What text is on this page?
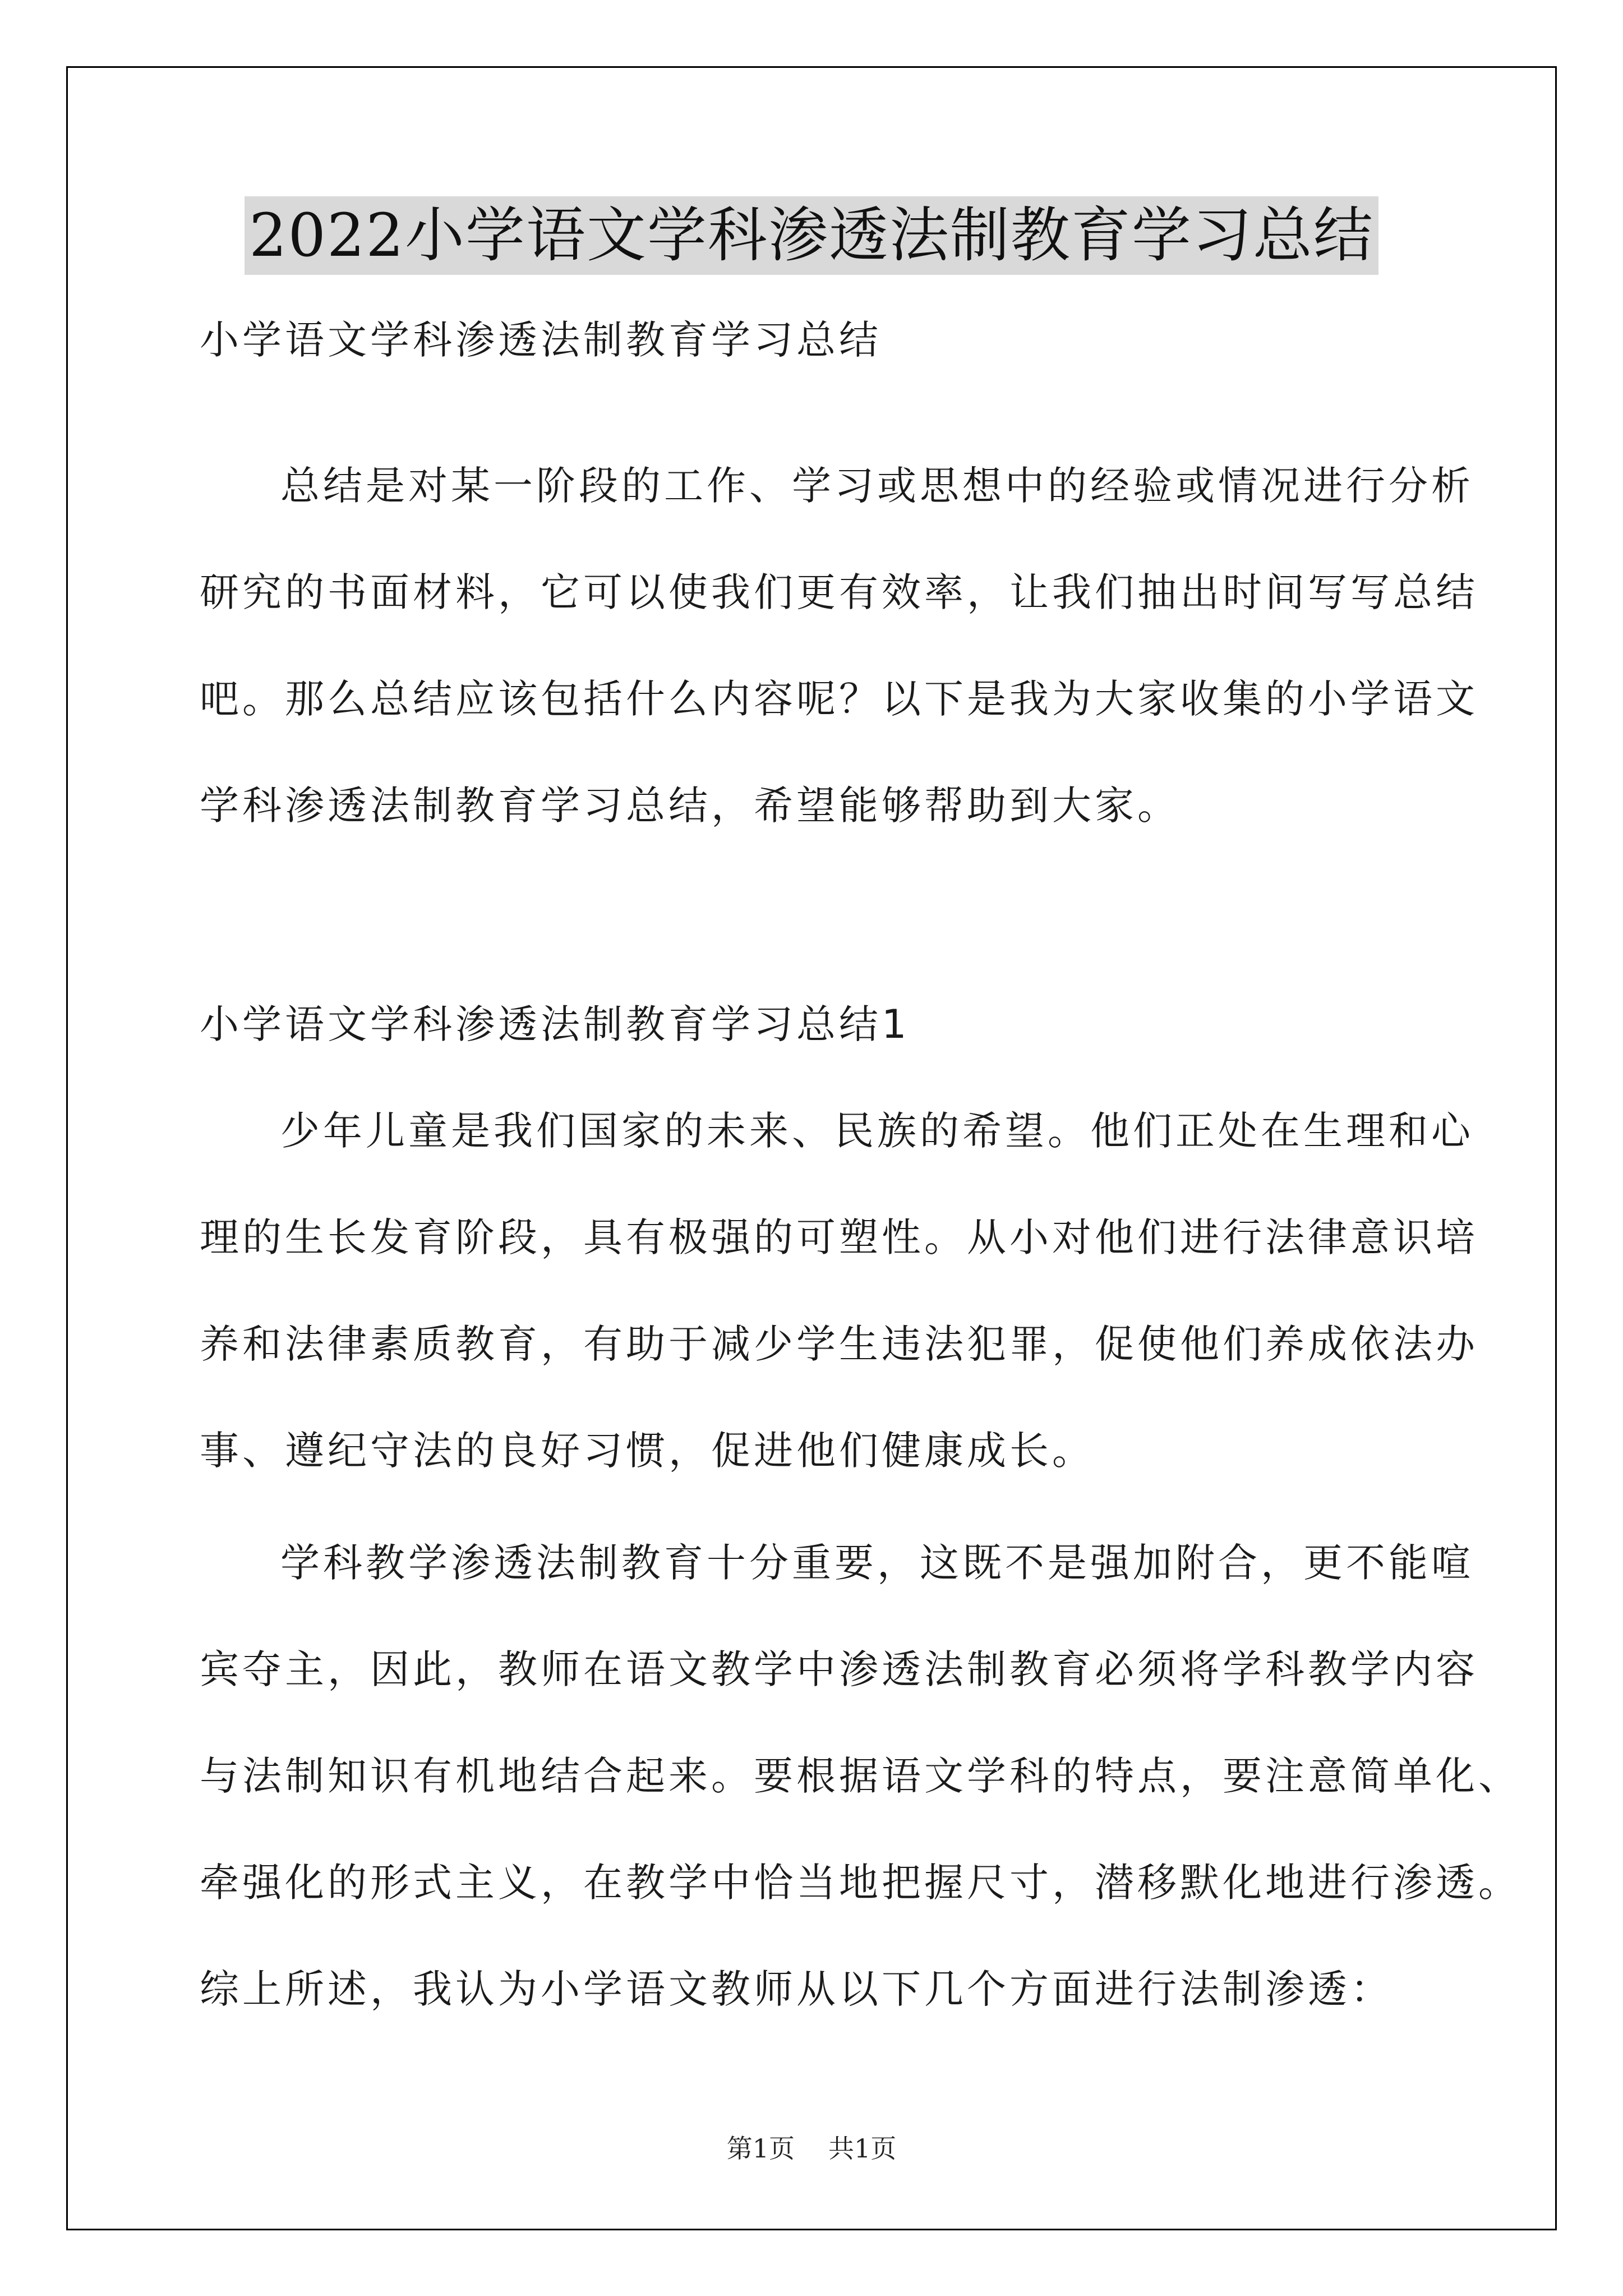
2022小学语文学科渗透法制教育学习总结
小学语文学科渗透法制教育学习总结
总结是对某一阶段的工作、学习或思想中的经验或情况进行分析
研究的书面材料，它可以使我们更有效率，让我们抽出时间写写总结
吧。那么总结应该包括什么内容呢？以下是我为大家收集的小学语文
学科渗透法制教育学习总结，希望能够帮助到大家。
小学语文学科渗透法制教育学习总结1
少年儿童是我们国家的未来、民族的希望。他们正处在生理和心
理的生长发育阶段，具有极强的可塑性。从小对他们进行法律意识培
养和法律素质教育，有助于减少学生违法犯罪，促使他们养成依法办
事、遵纪守法的良好习惯，促进他们健康成长。
学科教学渗透法制教育十分重要，这既不是强加附合，更不能喧
宾夺主，因此，教师在语文教学中渗透法制教育必须将学科教学内容
与法制知识有机地结合起来。要根据语文学科的特点，要注意简单化、
牵强化的形式主义，在教学中恰当地把握尺寸，潜移默化地进行渗透。
综上所述，我认为小学语文教师从以下几个方面进行法制渗透：
第1页 共1页
